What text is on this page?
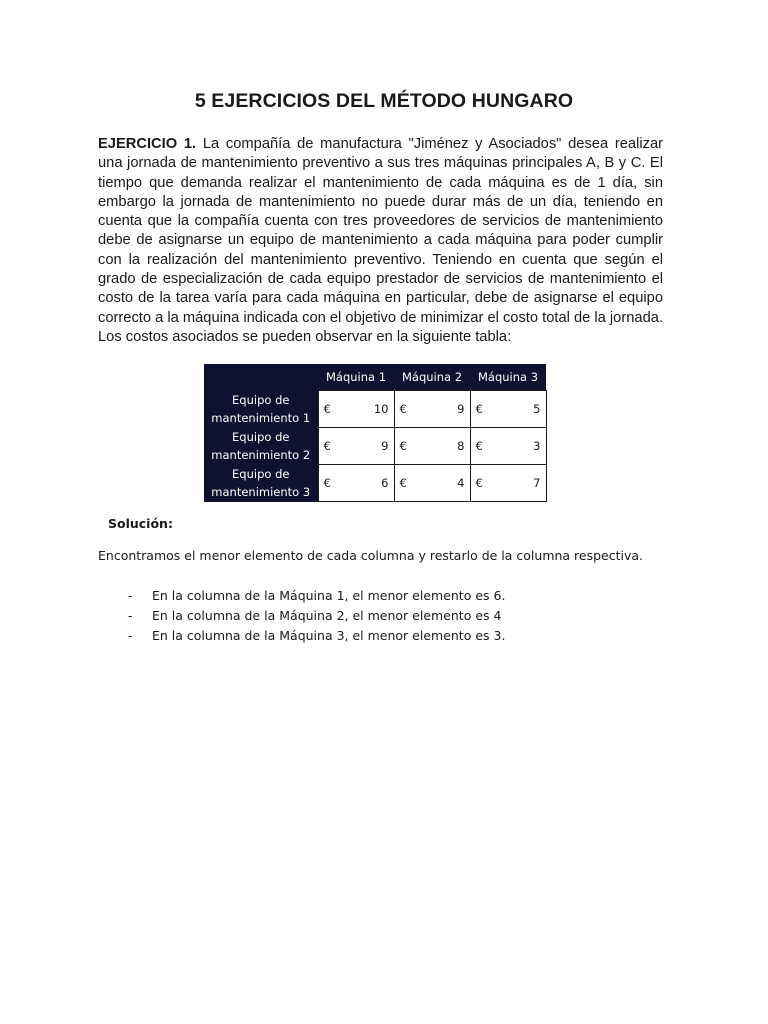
5 EJERCICIOS DEL MÉTODO HUNGARO
EJERCICIO 1. La compañía de manufactura "Jiménez y Asociados" desea realizar una jornada de mantenimiento preventivo a sus tres máquinas principales A, B y C. El tiempo que demanda realizar el mantenimiento de cada máquina es de 1 día, sin embargo la jornada de mantenimiento no puede durar más de un día, teniendo en cuenta que la compañía cuenta con tres proveedores de servicios de mantenimiento debe de asignarse un equipo de mantenimiento a cada máquina para poder cumplir con la realización del mantenimiento preventivo. Teniendo en cuenta que según el grado de especialización de cada equipo prestador de servicios de mantenimiento el costo de la tarea varía para cada máquina en particular, debe de asignarse el equipo correcto a la máquina indicada con el objetivo de minimizar el costo total de la jornada. Los costos asociados se pueden observar en la siguiente tabla:
	Máquina 1	Máquina 2	Máquina 3
Equipo de
mantenimiento 1	€ 10	€ 9	€ 5

Equipo de
mantenimiento 2	€ 9	€ 8	€ 3

Equipo de
mantenimiento 3	€ 6	€ 4	€ 7
Solución:
Encontramos el menor elemento de cada columna y restarlo de la columna respectiva.
-	En la columna de la Máquina 1, el menor elemento es 6.
-	En la columna de la Máquina 2, el menor elemento es 4
-	En la columna de la Máquina 3, el menor elemento es 3.
